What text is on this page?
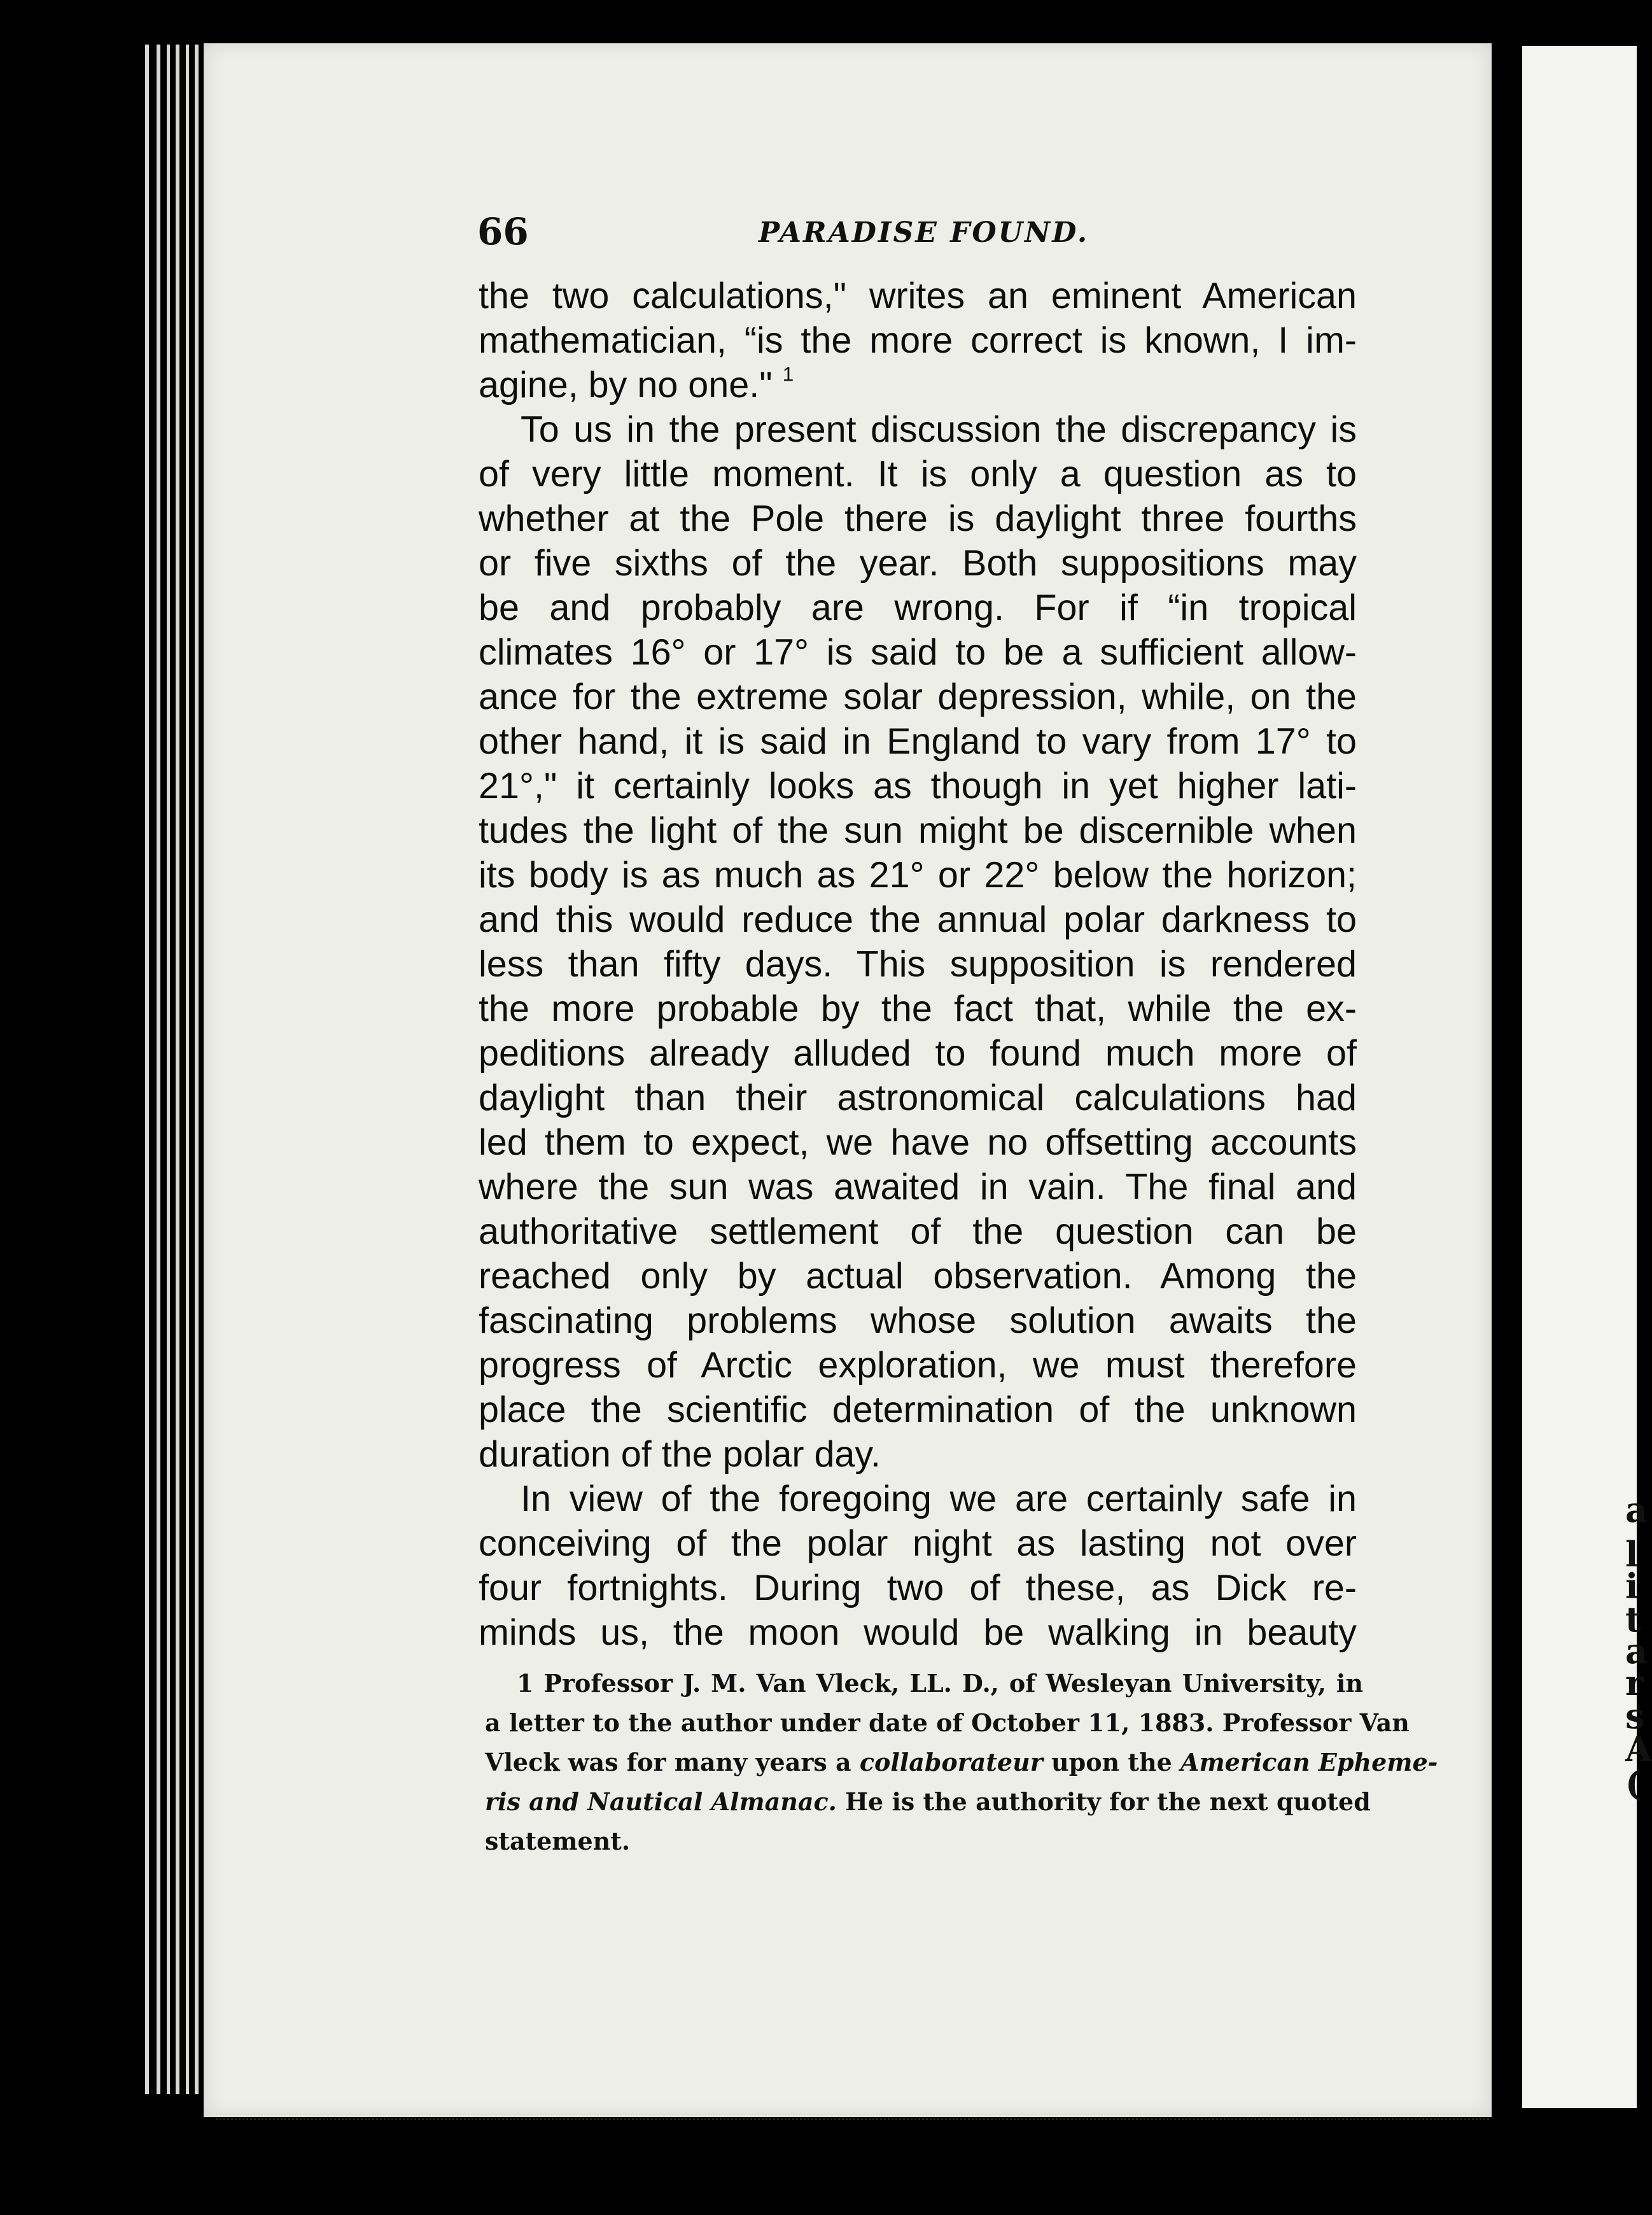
a
l
i
t
a
r
s
A
(
66	PARADISE FOUND.
the two calculations," writes an eminent American
mathematician, “is the more correct is known, I im-
agine, by no one." $^1$
To us in the present discussion the discrepancy is
of very little moment. It is only a question as to
whether at the Pole there is daylight three fourths
or five sixths of the year. Both suppositions may
be and probably are wrong. For if “in tropical
climates 16° or 17° is said to be a sufficient allow-
ance for the extreme solar depression, while, on the
other hand, it is said in England to vary from 17° to
21°," it certainly looks as though in yet higher lati-
tudes the light of the sun might be discernible when
its body is as much as 21° or 22° below the horizon;
and this would reduce the annual polar darkness to
less than fifty days. This supposition is rendered
the more probable by the fact that, while the ex-
peditions already alluded to found much more of
daylight than their astronomical calculations had
led them to expect, we have no offsetting accounts
where the sun was awaited in vain. The final and
authoritative settlement of the question can be
reached only by actual observation. Among the
fascinating problems whose solution awaits the
progress of Arctic exploration, we must therefore
place the scientific determination of the unknown
duration of the polar day.
In view of the foregoing we are certainly safe in
conceiving of the polar night as lasting not over
four fortnights. During two of these, as Dick re-
minds us, the moon would be walking in beauty
1 Professor J. M. Van Vleck, LL. D., of Wesleyan University, in
a letter to the author under date of October 11, 1883. Professor Van
Vleck was for many years a collaborateur upon the American Epheme-
ris and Nautical Almanac. He is the authority for the next quoted
statement.
